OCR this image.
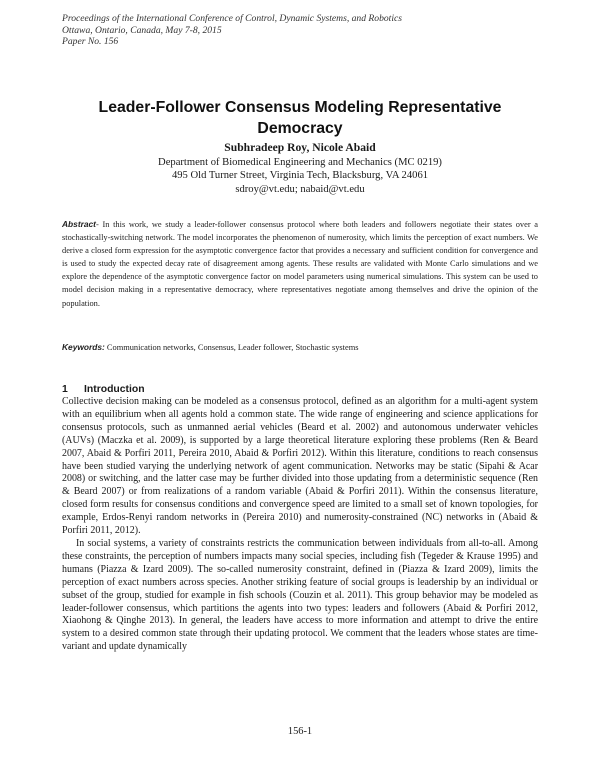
Proceedings of the International Conference of Control, Dynamic Systems, and Robotics
Ottawa, Ontario, Canada, May 7-8, 2015
Paper No. 156
Leader-Follower Consensus Modeling Representative Democracy
Subhradeep Roy, Nicole Abaid
Department of Biomedical Engineering and Mechanics (MC 0219)
495 Old Turner Street, Virginia Tech, Blacksburg, VA 24061
sdroy@vt.edu; nabaid@vt.edu
Abstract- In this work, we study a leader-follower consensus protocol where both leaders and followers negotiate their states over a stochastically-switching network. The model incorporates the phenomenon of numerosity, which limits the perception of exact numbers. We derive a closed form expression for the asymptotic convergence factor that provides a necessary and sufficient condition for convergence and is used to study the expected decay rate of disagreement among agents. These results are validated with Monte Carlo simulations and we explore the dependence of the asymptotic convergence factor on model parameters using numerical simulations. This system can be used to model decision making in a representative democracy, where representatives negotiate among themselves and drive the opinion of the population.
Keywords: Communication networks, Consensus, Leader follower, Stochastic systems
1 Introduction

Collective decision making can be modeled as a consensus protocol, defined as an algorithm for a multi-agent system with an equilibrium when all agents hold a common state. The wide range of engineering and science applications for consensus protocols, such as unmanned aerial vehicles (Beard et al. 2002) and autonomous underwater vehicles (AUVs) (Maczka et al. 2009), is supported by a large theoretical literature exploring these problems (Ren & Beard 2007, Abaid & Porfiri 2011, Pereira 2010, Abaid & Porfiri 2012). Within this literature, conditions to reach consensus have been studied varying the underlying network of agent communication. Networks may be static (Sipahi & Acar 2008) or switching, and the latter case may be further divided into those updating from a deterministic sequence (Ren & Beard 2007) or from realizations of a random variable (Abaid & Porfiri 2011). Within the consensus literature, closed form results for consensus conditions and convergence speed are limited to a small set of known topologies, for example, Erdos-Renyi random networks in (Pereira 2010) and numerosity-constrained (NC) networks in (Abaid & Porfiri 2011, 2012).

In social systems, a variety of constraints restricts the communication between individuals from all-to-all. Among these constraints, the perception of numbers impacts many social species, including fish (Tegeder & Krause 1995) and humans (Piazza & Izard 2009). The so-called numerosity constraint, defined in (Piazza & Izard 2009), limits the perception of exact numbers across species. Another striking feature of social groups is leadership by an individual or subset of the group, studied for example in fish schools (Couzin et al. 2011). This group behavior may be modeled as leader-follower consensus, which partitions the agents into two types: leaders and followers (Abaid & Porfiri 2012, Xiaohong & Qinghe 2013). In general, the leaders have access to more information and attempt to drive the entire system to a desired common state through their updating protocol. We comment that the leaders whose states are time-variant and update dynamically

156-1
